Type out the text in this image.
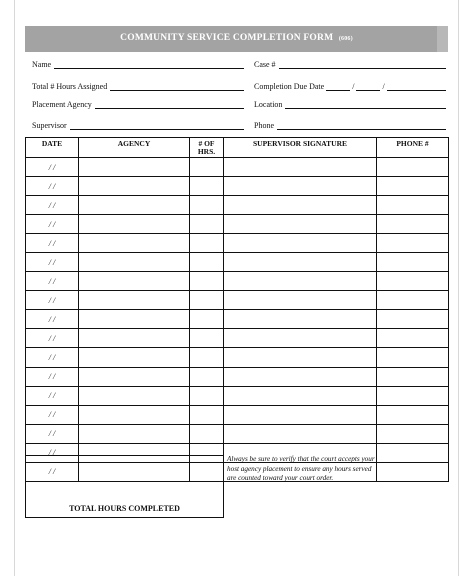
COMMUNITY SERVICE COMPLETION FORM (606)
Name	Case #
Total # Hours Assigned	Completion Due Date	/	/
Placement Agency	Location
Supervisor	Phone
DATE	AGENCY	# OF HRS.	SUPERVISOR SIGNATURE	PHONE #
/ /				
/ /				
/ /				
/ /				
/ /				
/ /				
/ /				
/ /				
/ /				
/ /				
/ /				
/ /				
/ /				
/ /				
/ /				
/ /				
/ /				
TOTAL HOURS COMPLETED
Always be sure to verify that the court accepts your host agency placement to ensure any hours served are counted toward your court order.
